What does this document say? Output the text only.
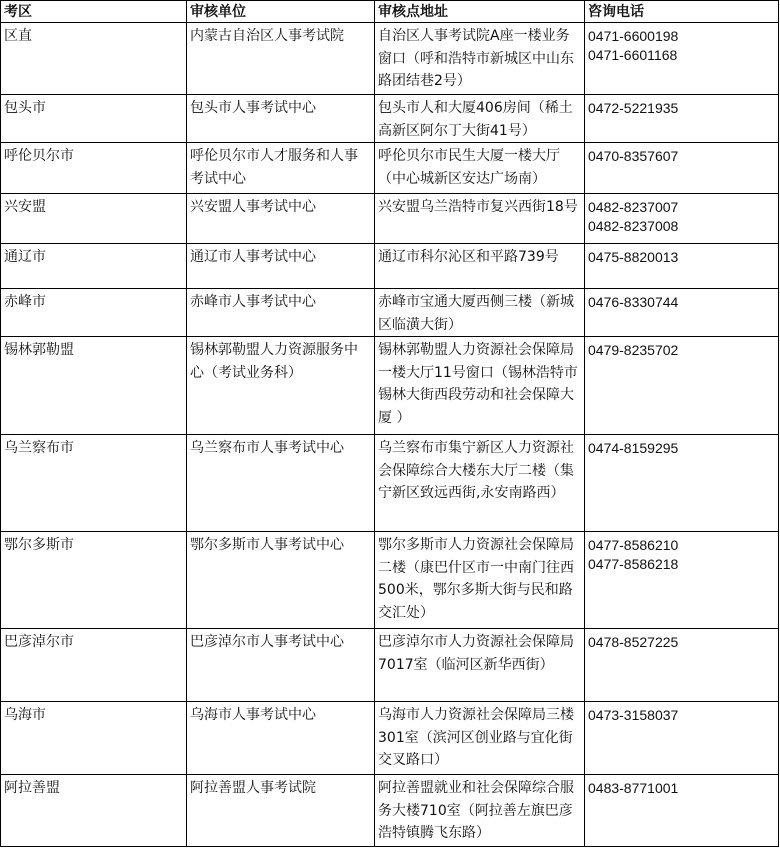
考区	审核单位	审核点地址	咨询电话
区直	内蒙古自治区人事考试院	自治区人事考试院A座一楼业务窗口（呼和浩特市新城区中山东路团结巷2号）	0471-6600198
0471-6601168

包头市	包头市人事考试中心	包头市人和大厦406房间（稀土高新区阿尔丁大街41号）	0472-5221935

呼伦贝尔市	呼伦贝尔市人才服务和人事考试中心	呼伦贝尔市民生大厦一楼大厅（中心城新区安达广场南）	0470-8357607

兴安盟	兴安盟人事考试中心	兴安盟乌兰浩特市复兴西街18号	0482-8237007
0482-8237008

通辽市	通辽市人事考试中心	通辽市科尔沁区和平路739号	0475-8820013

赤峰市	赤峰市人事考试中心	赤峰市宝通大厦西侧三楼（新城区临潢大街）	0476-8330744

锡林郭勒盟	锡林郭勒盟人力资源服务中心（考试业务科）	锡林郭勒盟人力资源社会保障局一楼大厅11号窗口（锡林浩特市锡林大街西段劳动和社会保障大厦 ）	0479-8235702

乌兰察布市	乌兰察布市人事考试中心	乌兰察布市集宁新区人力资源社会保障综合大楼东大厅二楼（集宁新区致远西街,永安南路西）	0474-8159295

鄂尔多斯市	鄂尔多斯市人事考试中心	鄂尔多斯市人力资源社会保障局二楼（康巴什区市一中南门往西500米，鄂尔多斯大街与民和路交汇处）	0477-8586210
0477-8586218

巴彦淖尔市	巴彦淖尔市人事考试中心	巴彦淖尔市人力资源社会保障局7017室（临河区新华西街）	0478-8527225

乌海市	乌海市人事考试中心	乌海市人力资源社会保障局三楼301室（滨河区创业路与宜化街交叉路口）	0473-3158037

阿拉善盟	阿拉善盟人事考试院	阿拉善盟就业和社会保障综合服务大楼710室（阿拉善左旗巴彦浩特镇腾飞东路）	0483-8771001
